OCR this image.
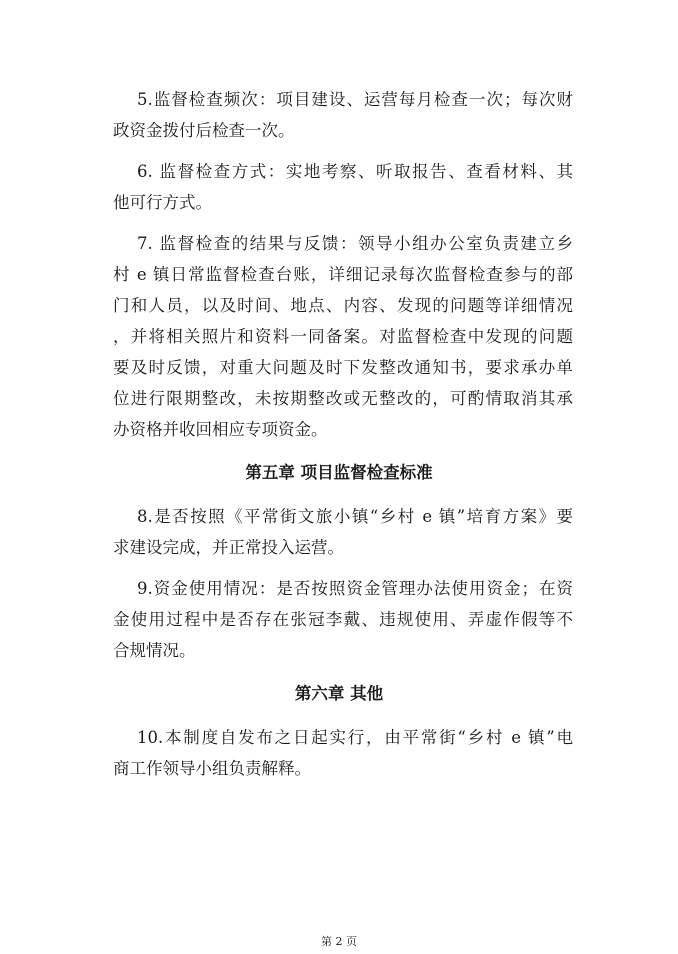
5.监督检查频次：项目建设、运营每月检查一次；每次财
政资金拨付后检查一次。
6. 监督检查方式：实地考察、听取报告、查看材料、其
他可行方式。
7. 监督检查的结果与反馈：领导小组办公室负责建立乡
村 e 镇日常监督检查台账，详细记录每次监督检查参与的部
门和人员，以及时间、地点、内容、发现的问题等详细情况
，并将相关照片和资料一同备案。对监督检查中发现的问题
要及时反馈，对重大问题及时下发整改通知书，要求承办单
位进行限期整改，未按期整改或无整改的，可酌情取消其承
办资格并收回相应专项资金。
第五章 项目监督检查标准
8.是否按照《平常街文旅小镇“乡村 e 镇”培育方案》要
求建设完成，并正常投入运营。
9.资金使用情况：是否按照资金管理办法使用资金；在资
金使用过程中是否存在张冠李戴、违规使用、弄虚作假等不
合规情况。
第六章 其他
10.本制度自发布之日起实行，由平常街“乡村 e 镇”电
商工作领导小组负责解释。
第 2 页
